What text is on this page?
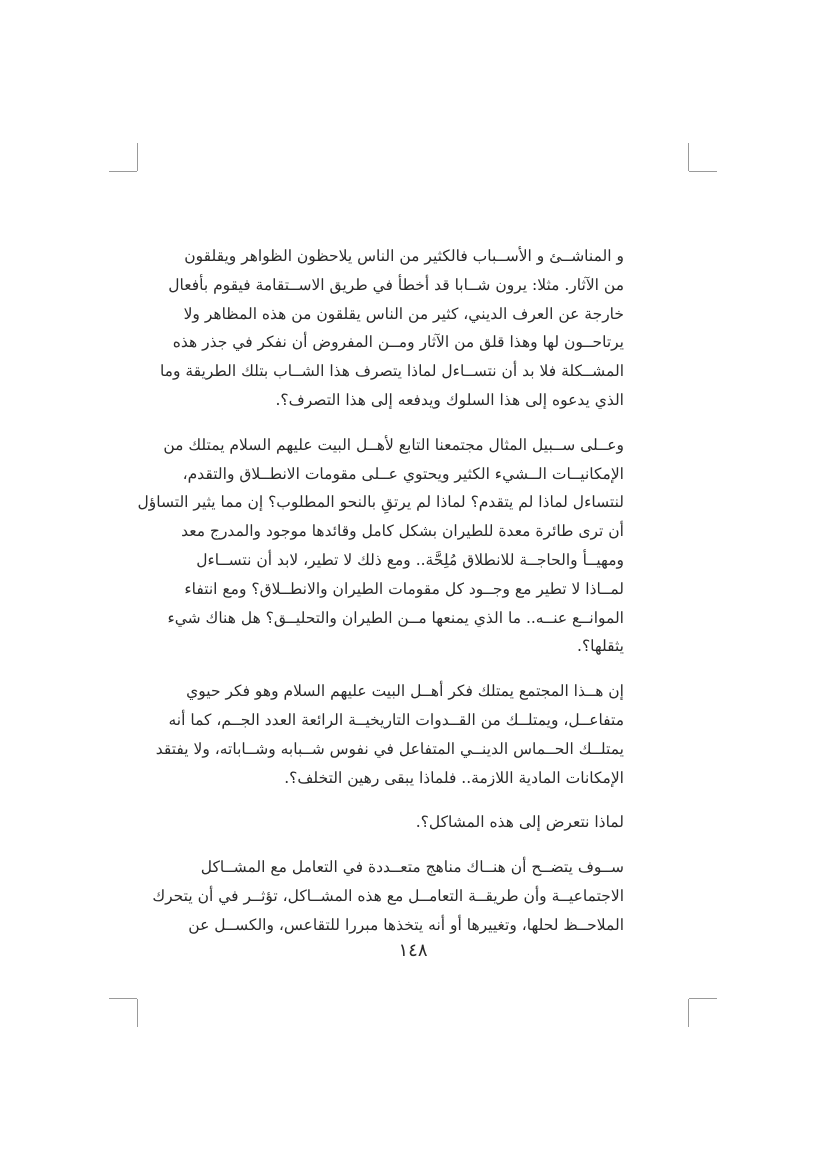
و المناشــئ و الأســباب فالكثير من الناس يلاحظون الظواهر ويقلقون
من الآثار. مثلا: يرون شــابا قد أخطأ في طريق الاســتقامة فيقوم بأفعال
خارجة عن العرف الديني، كثير من الناس يقلقون من هذه المظاهر ولا
يرتاحــون لها وهذا قلق من الآثار ومــن المفروض أن نفكر في جذر هذه
المشــكلة فلا بد أن نتســاءل لماذا يتصرف هذا الشــاب بتلك الطريقة وما
الذي يدعوه إلى هذا السلوك ويدفعه إلى هذا التصرف؟.

وعــلى ســبيل المثال مجتمعنا التابع لأهــل البيت عليهم السلام يمتلك من
الإمكانيــات الــشيء الكثير ويحتوي عــلى مقومات الانطــلاق والتقدم،
لنتساءل لماذا لم يتقدم؟ لماذا لم يرتقِ بالنحو المطلوب؟ إن مما يثير التساؤل
أن ترى طائرة معدة للطيران بشكل كامل وقائدها موجود والمدرج معد
ومهيــأ والحاجــة للانطلاق مُلِحَّة.. ومع ذلك لا تطير، لابد أن نتســاءل
لمــاذا لا تطير مع وجــود كل مقومات الطيران والانطــلاق؟ ومع انتفاء
الموانــع عنــه.. ما الذي يمنعها مــن الطيران والتحليــق؟ هل هناك شيء
يثقلها؟.

إن هــذا المجتمع يمتلك فكر أهــل البيت عليهم السلام وهو فكر حيوي
متفاعــل، ويمتلــك من القــدوات التاريخيــة الرائعة العدد الجــم، كما أنه
يمتلــك الحــماس الدينــي المتفاعل في نفوس شــبابه وشــاباته، ولا يفتقد
الإمكانات المادية اللازمة.. فلماذا يبقى رهين التخلف؟.

لماذا نتعرض إلى هذه المشاكل؟.

ســوف يتضــح أن هنــاك مناهج متعــددة في التعامل مع المشــاكل
الاجتماعيــة وأن طريقــة التعامــل مع هذه المشــاكل، تؤثــر في أن يتحرك
الملاحــظ لحلها، وتغييرها أو أنه يتخذها مبررا للتقاعس، والكســل عن

١٤٨
